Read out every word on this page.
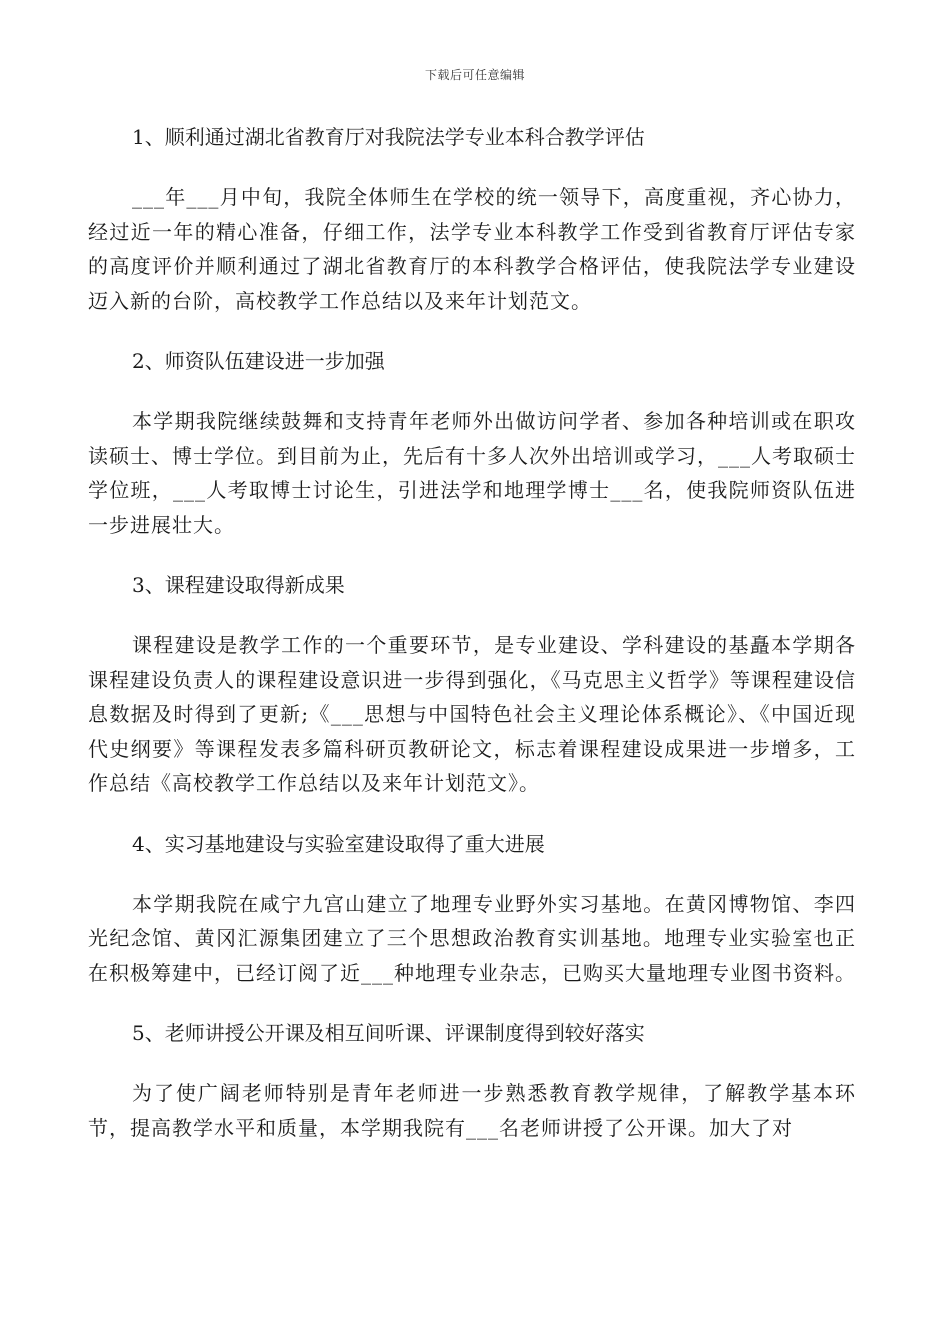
下载后可任意编辑
1、顺利通过湖北省教育厅对我院法学专业本科合教学评估
___年___月中旬，我院全体师生在学校的统一领导下，高度重视，齐心协力，经过近一年的精心准备，仔细工作，法学专业本科教学工作受到省教育厅评估专家的高度评价并顺利通过了湖北省教育厅的本科教学合格评估，使我院法学专业建设迈入新的台阶，高校教学工作总结以及来年计划范文。
2、师资队伍建设进一步加强
本学期我院继续鼓舞和支持青年老师外出做访问学者、参加各种培训或在职攻读硕士、博士学位。到目前为止，先后有十多人次外出培训或学习，___人考取硕士学位班，___人考取博士讨论生，引进法学和地理学博士___名，使我院师资队伍进一步进展壮大。
3、课程建设取得新成果
课程建设是教学工作的一个重要环节，是专业建设、学科建设的基矗本学期各课程建设负责人的课程建设意识进一步得到强化，《马克思主义哲学》等课程建设信息数据及时得到了更新;《___思想与中国特色社会主义理论体系概论》、《中国近现代史纲要》等课程发表多篇科研页教研论文，标志着课程建设成果进一步增多，工作总结《高校教学工作总结以及来年计划范文》。
4、实习基地建设与实验室建设取得了重大进展
本学期我院在咸宁九宫山建立了地理专业野外实习基地。在黄冈博物馆、李四光纪念馆、黄冈汇源集团建立了三个思想政治教育实训基地。地理专业实验室也正在积极筹建中，已经订阅了近___种地理专业杂志，已购买大量地理专业图书资料。
5、老师讲授公开课及相互间听课、评课制度得到较好落实
为了使广阔老师特别是青年老师进一步熟悉教育教学规律，了解教学基本环节，提高教学水平和质量，本学期我院有___名老师讲授了公开课。加大了对
